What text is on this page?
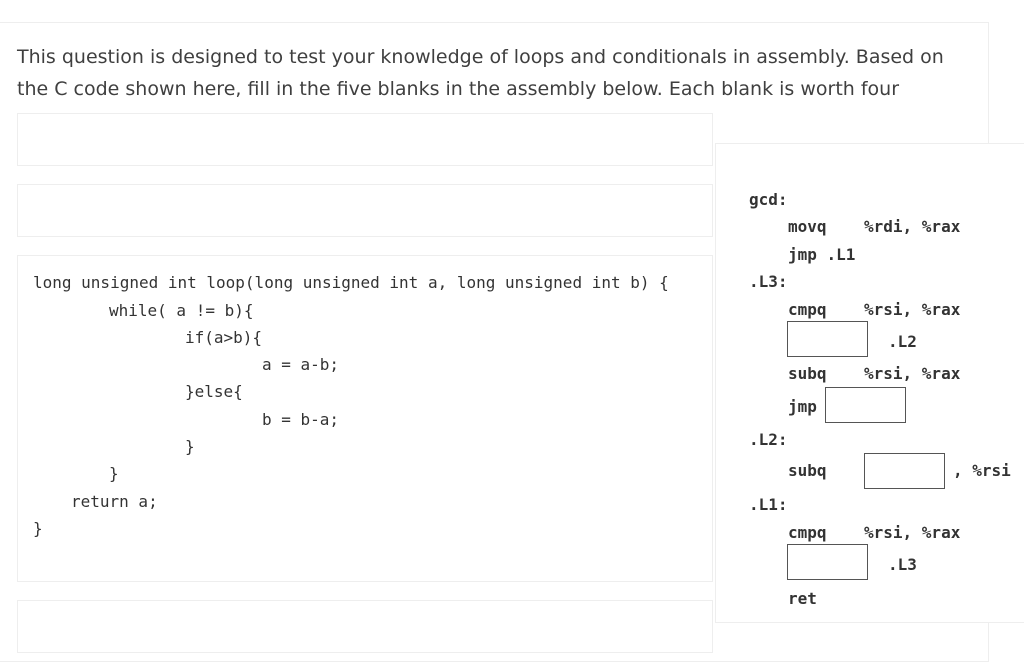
This question is designed to test your knowledge of loops and conditionals in assembly. Based on the C code shown here, fill in the five blanks in the assembly below. Each blank is worth four
long unsigned int loop(long unsigned int a, long unsigned int b) {
while( a != b){
if(a>b){
a = a-b;
}else{
b = b-a;
}
}
return a;
}
gcd:
movq %rdi, %rax
jmp .L1
.L3:
cmpq %rsi, %rax
.L2
subq %rsi, %rax
jmp
.L2:
subq	, %rsi
.L1:
cmpq %rsi, %rax
.L3
ret
